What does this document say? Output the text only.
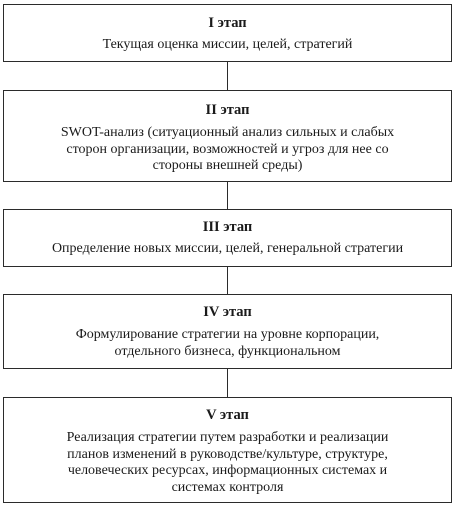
I этап
Текущая оценка миссии, целей, стратегий
II этап
SWOT-анализ (ситуационный анализ сильных и слабых
сторон организации, возможностей и угроз для нее со
стороны внешней среды)
III этап
Определение новых миссии, целей, генеральной стратегии
IV этап
Формулирование стратегии на уровне корпорации,
отдельного бизнеса, функциональном
V этап
Реализация стратегии путем разработки и реализации
планов изменений в руководстве/культуре, структуре,
человеческих ресурсах, информационных системах и
системах контроля
